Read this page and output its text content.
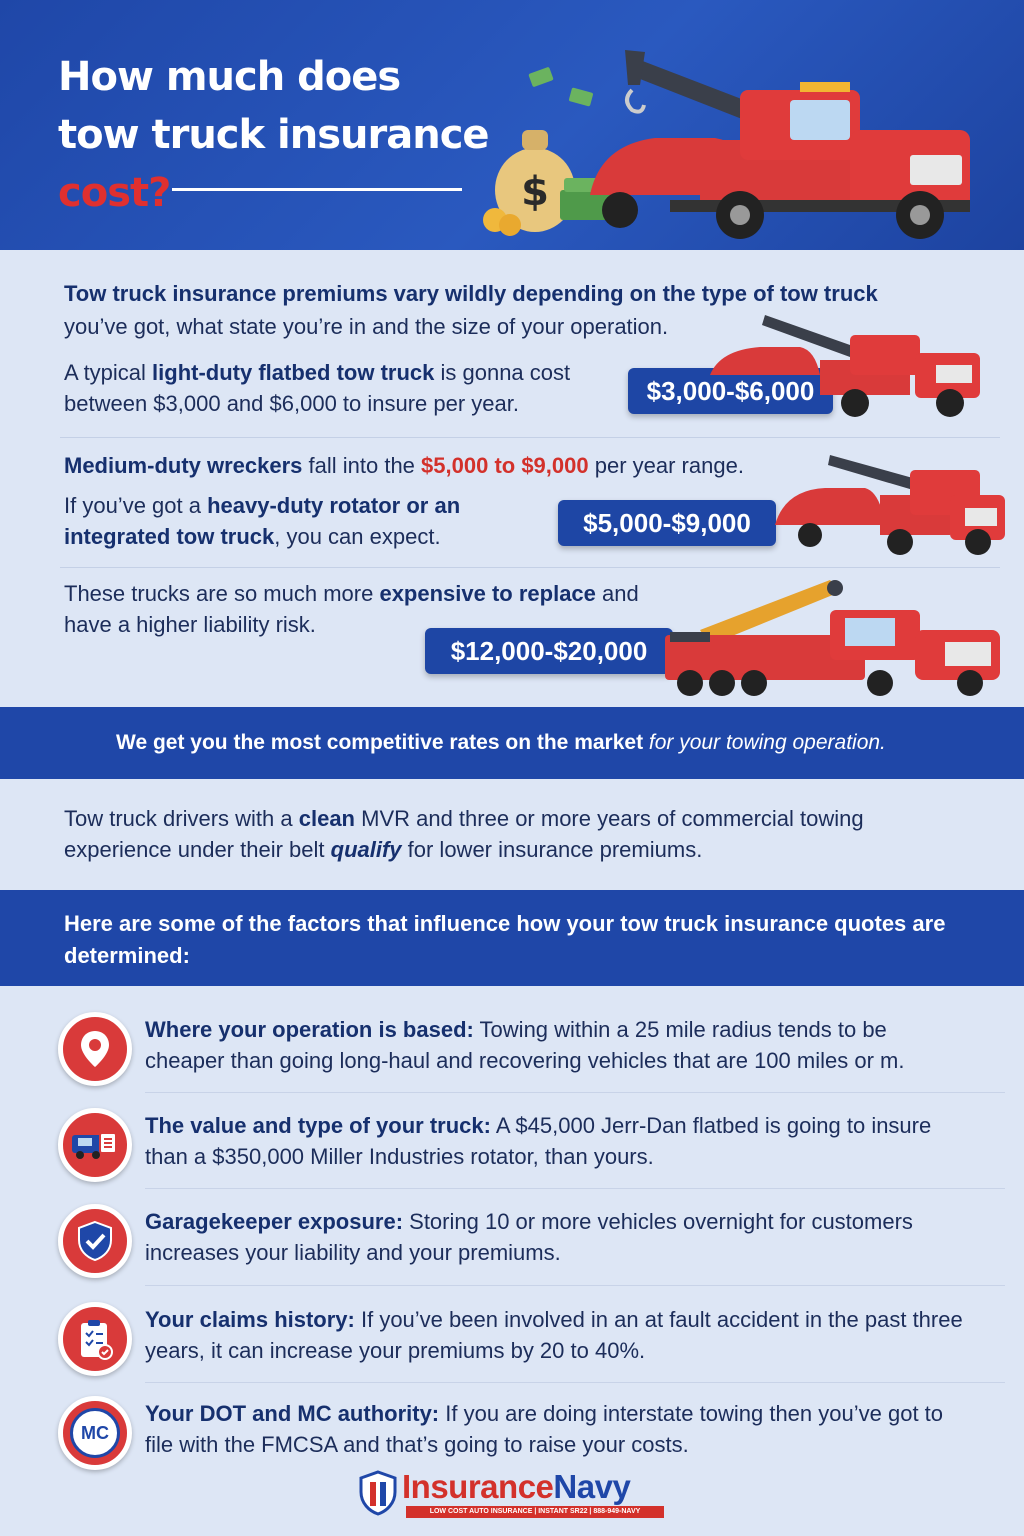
How much does
tow truck insurance
cost?	$
Tow truck insurance premiums vary wildly depending on the type of tow truck
you’ve got, what state you’re in and the size of your operation.
A typical light-duty flatbed tow truck is gonna cost between $3,000 and $6,000 to insure per year.	$3,000-$6,000
Medium-duty wreckers fall into the $5,000 to $9,000 per year range.
If you’ve got a heavy-duty rotator or an integrated tow truck, you can expect.	$5,000-$9,000
These trucks are so much more expensive to replace and have a higher liability risk.
$12,000-$20,000
We get you the most competitive rates on the market for your towing operation.
Tow truck drivers with a clean MVR and three or more years of commercial towing experience under their belt qualify for lower insurance premiums.
Here are some of the factors that influence how your tow truck insurance quotes are determined:
Where your operation is based: Towing within a 25 mile radius tends to be cheaper than going long-haul and recovering vehicles that are 100 miles or m.
The value and type of your truck: A $45,000 Jerr-Dan flatbed is going to insure than a $350,000 Miller Industries rotator, than yours.
Garagekeeper exposure: Storing 10 or more vehicles overnight for customers increases your liability and your premiums.
Your claims history: If you’ve been involved in an at fault accident in the past three years, it can increase your premiums by 20 to 40%.
MC
Your DOT and MC authority: If you are doing interstate towing then you’ve got to file with the FMCSA and that’s going to raise your costs.
InsuranceNavy
LOW COST AUTO INSURANCE | INSTANT SR22 | 888-949-NAVY
